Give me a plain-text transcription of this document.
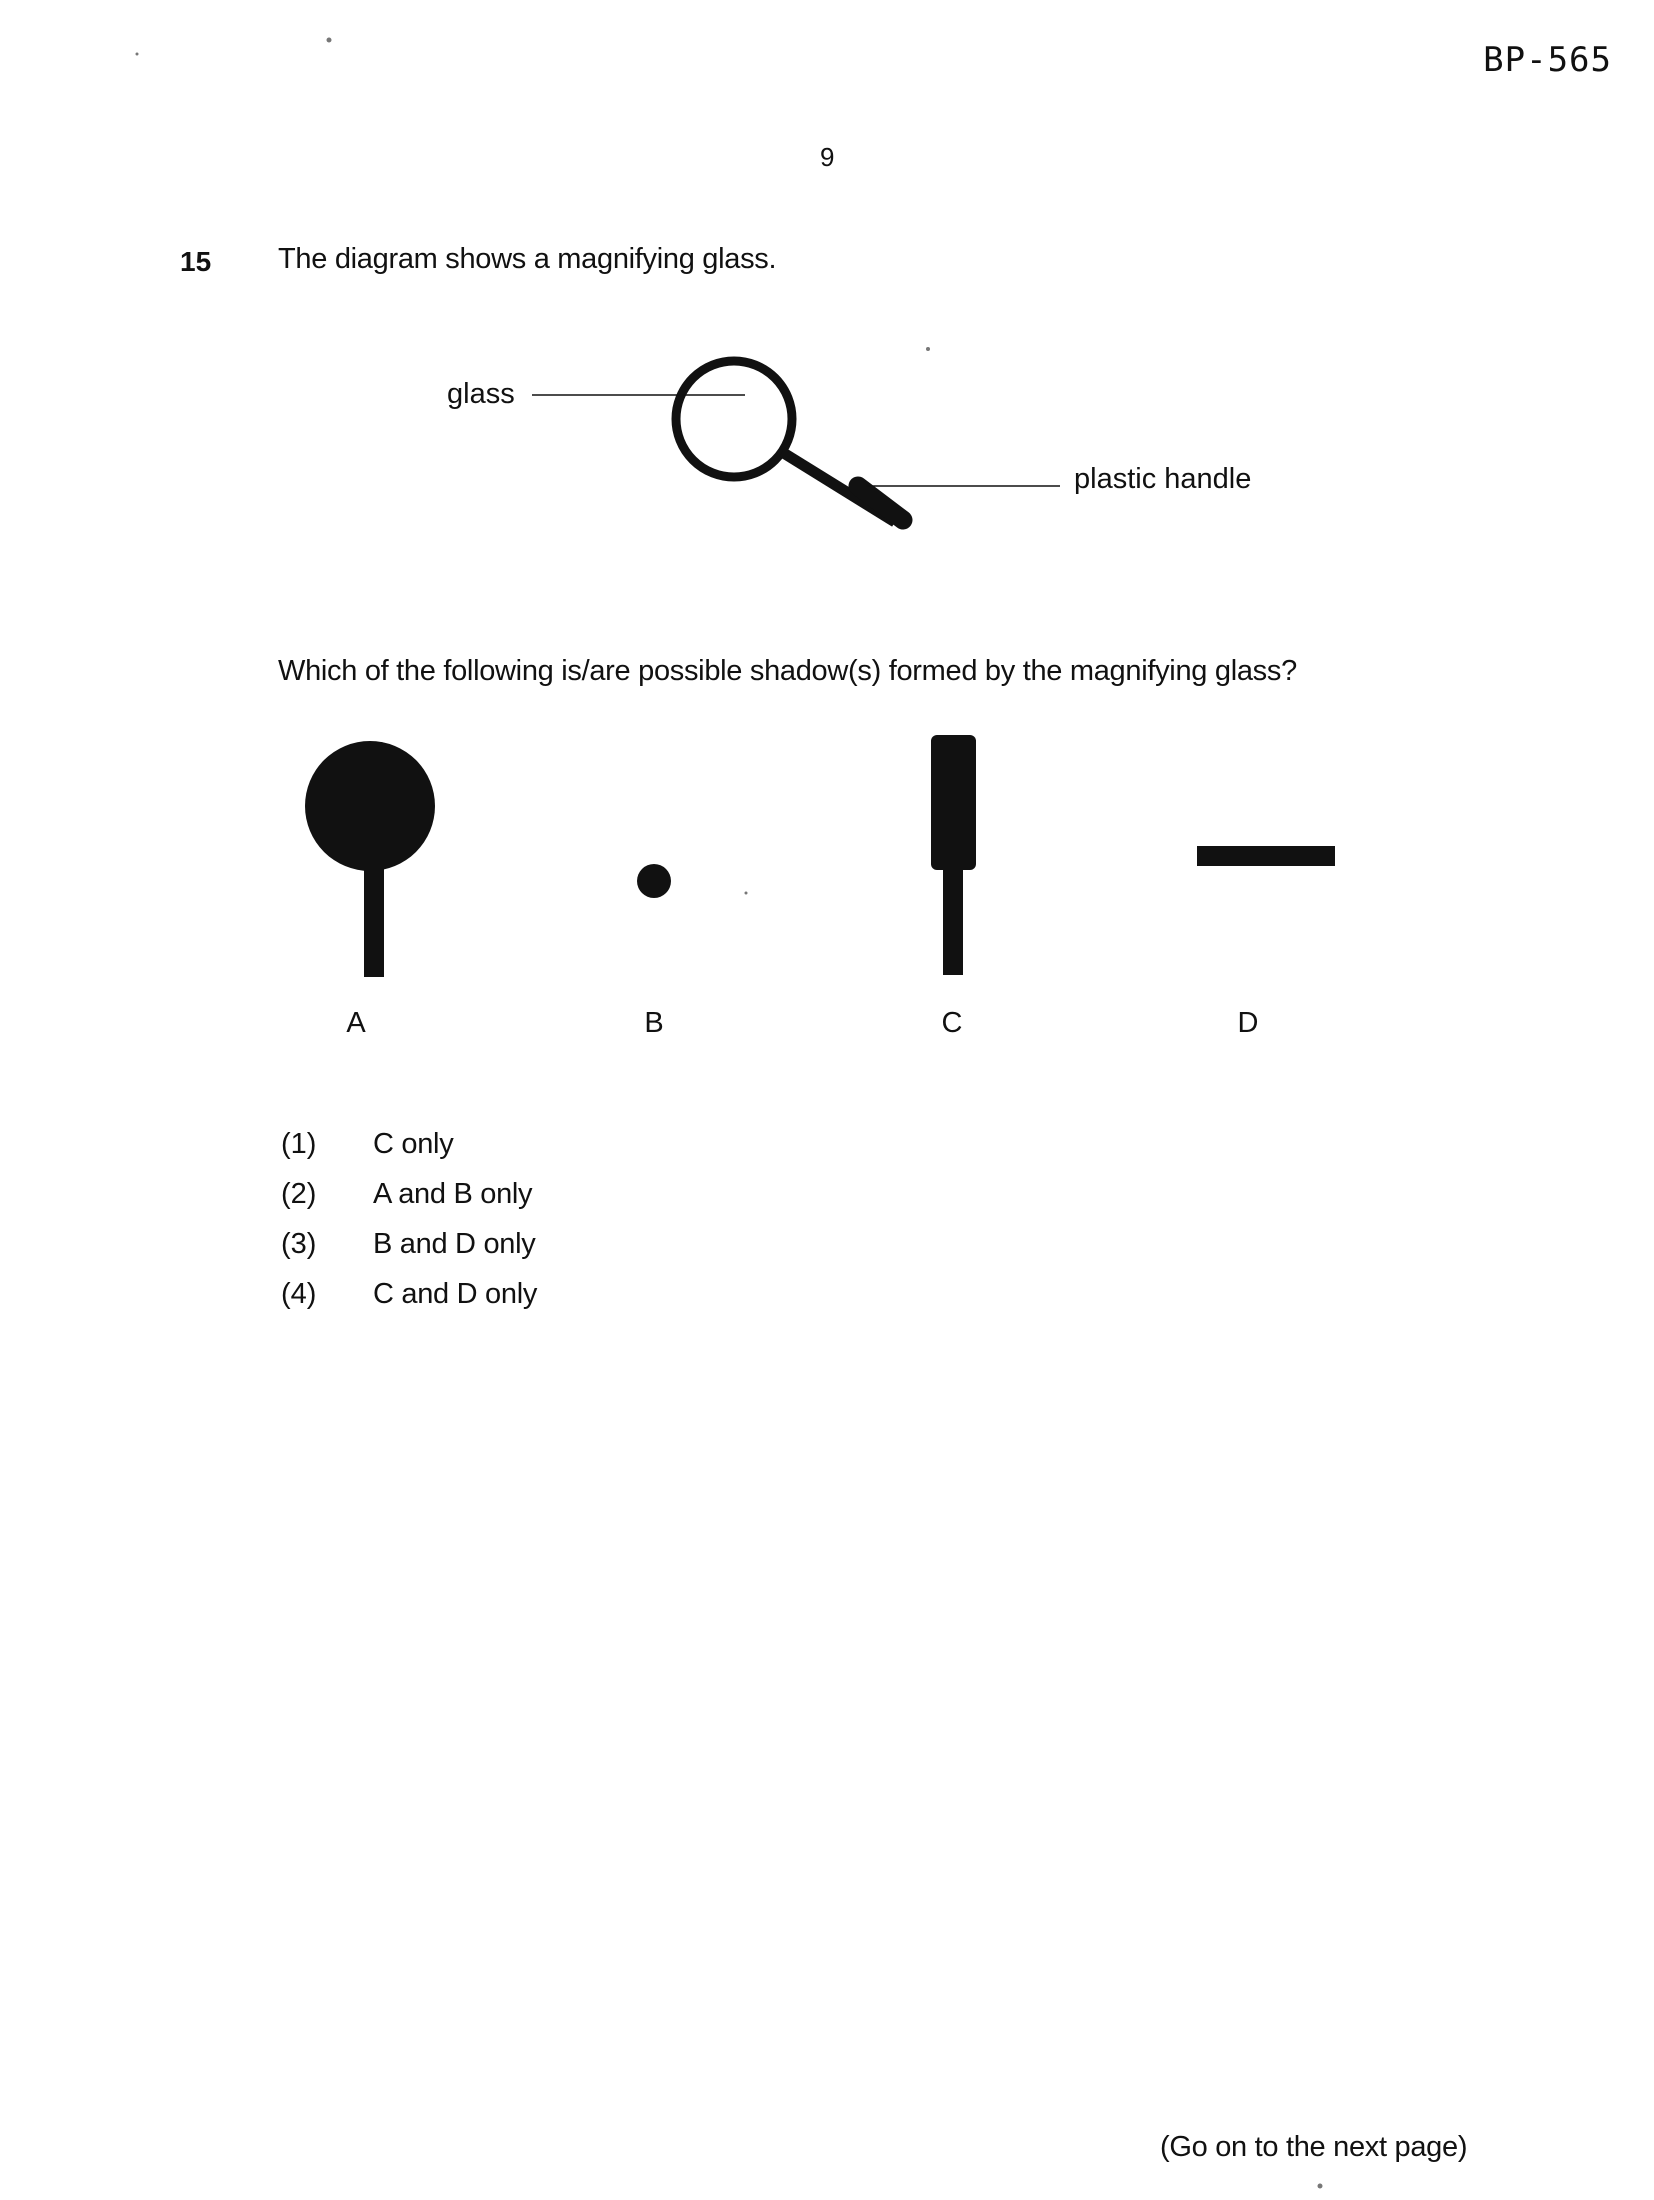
BP-565
9
15 The diagram shows a magnifying glass.
glass
plastic handle
Which of the following is/are possible shadow(s) formed by the magnifying glass?
A	B	C	D
(1) C only
(2) A and B only
(3) B and D only
(4) C and D only
(Go on to the next page)
